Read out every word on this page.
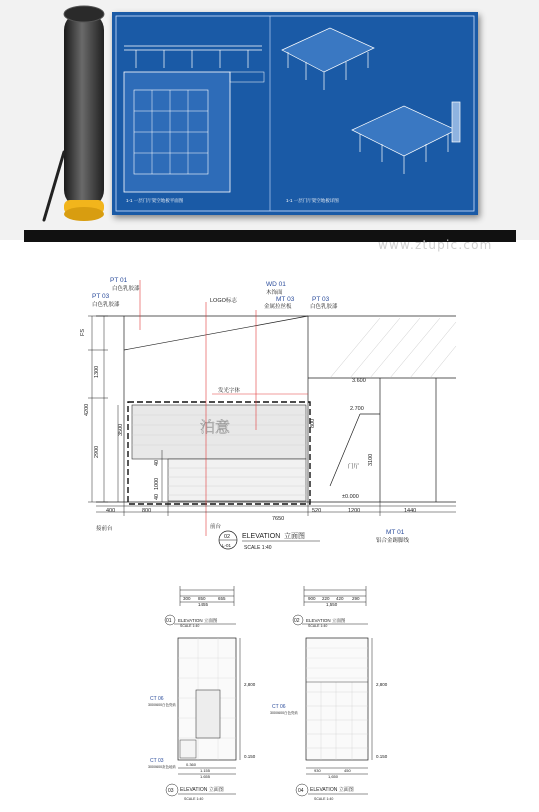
1-1 一层门厅架空地板平面图	1-1 一层门厅架空地板详图
www.ztupic.com
泊意
FS
1300
4200
2900
3500
40
1000
40
800
3100
3.600
2.700
±0.000
400	800	520	1200	1440
7650
PT 01
白色乳胶漆
PT 03
白色乳胶漆
WD 01
木饰面
MT 03
金属拉丝板
PT 03
白色乳胶漆
MT 01
铝合金踢脚线
LOGO标志
发光字体
前台
门厅
接前台
02
L-01
ELEVATION 立面图
SCALE 1:40
300 850	655
1455
ELEVATION 立面图
SCALE 1:40
01
2,800
0.150
CT 06
300X600白色瓷砖
CT 03
300X600灰色地砖 0.360
1.155
1.655
03 ELEVATION 立面图
SCALE 1:40
900 220 420 290
1,550
ELEVATION 立面图
SCALE 1:40
02
2,800
0.150
CT 06
300X600白色瓷砖
930	450
1,650
04 ELEVATION 立面图
SCALE 1:40
